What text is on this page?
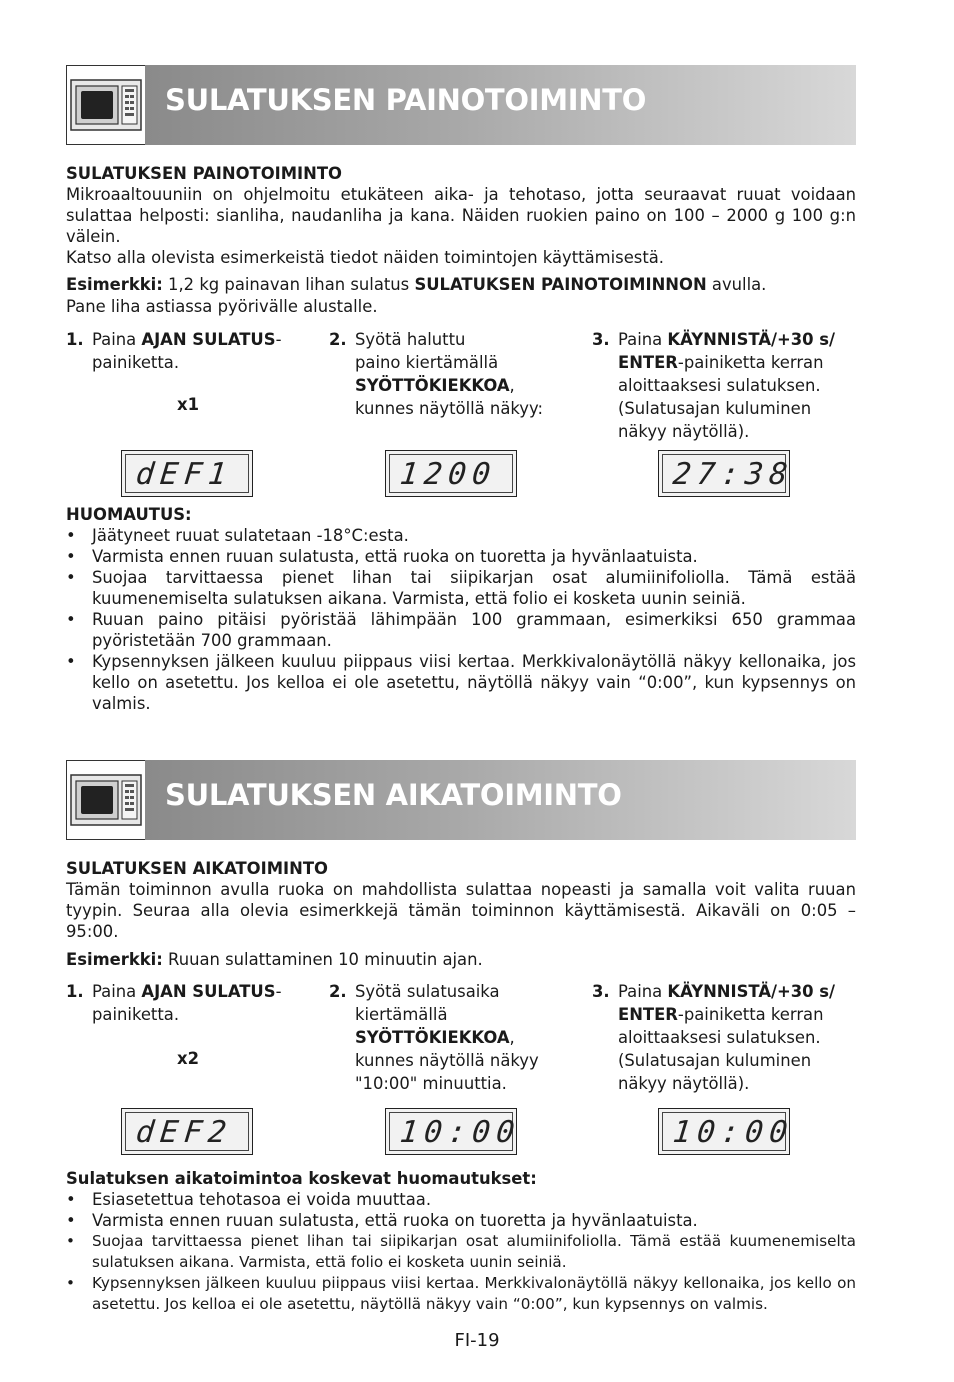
SULATUKSEN PAINOTOIMINTO
SULATUKSEN PAINOTOIMINTO
Mikroaaltouuniin on ohjelmoitu etukäteen aika- ja tehotaso, jotta seuraavat ruuat voidaan sulattaa helposti: sianliha, naudanliha ja kana. Näiden ruokien paino on 100 – 2000 g 100 g:n välein.
Katso alla olevista esimerkeistä tiedot näiden toimintojen käyttämisestä.
Esimerkki: 1,2 kg painavan lihan sulatus SULATUKSEN PAINOTOIMINNON avulla.
Pane liha astiassa pyörivälle alustalle.
1. Paina AJAN SULATUS-painiketta.
x1
2. Syötä haluttu
paino kiertämällä
SYÖTTÖKIEKKOA,
kunnes näytöllä näkyy:
3. Paina KÄYNNISTÄ/+30 s/
ENTER-painiketta kerran
aloittaaksesi sulatuksen.
(Sulatusajan kuluminen
näkyy näytöllä).
dEF1	1200	27:38
HUOMAUTUS:
• Jäätyneet ruuat sulatetaan -18°C:esta.
• Varmista ennen ruuan sulatusta, että ruoka on tuoretta ja hyvänlaatuista.
• Suojaa tarvittaessa pienet lihan tai siipikarjan osat alumiinifoliolla. Tämä estää kuumenemiselta sulatuksen aikana. Varmista, että folio ei kosketa uunin seiniä.
• Ruuan paino pitäisi pyöristää lähimpään 100 grammaan, esimerkiksi 650 grammaa pyöristetään 700 grammaan.
• Kypsennyksen jälkeen kuuluu piippaus viisi kertaa. Merkkivalonäytöllä näkyy kellonaika, jos kello on asetettu. Jos kelloa ei ole asetettu, näytöllä näkyy vain “0:00”, kun kypsennys on valmis.
SULATUKSEN AIKATOIMINTO
SULATUKSEN AIKATOIMINTO
Tämän toiminnon avulla ruoka on mahdollista sulattaa nopeasti ja samalla voit valita ruuan tyypin. Seuraa alla olevia esimerkkejä tämän toiminnon käyttämisestä. Aikaväli on 0:05 – 95:00.
Esimerkki: Ruuan sulattaminen 10 minuutin ajan.
1. Paina AJAN SULATUS-painiketta.
x2
2. Syötä sulatusaika
kiertämällä
SYÖTTÖKIEKKOA,
kunnes näytöllä näkyy
"10:00" minuuttia.
3. Paina KÄYNNISTÄ/+30 s/
ENTER-painiketta kerran
aloittaaksesi sulatuksen.
(Sulatusajan kuluminen
näkyy näytöllä).
dEF2	10:00	10:00
Sulatuksen aikatoimintoa koskevat huomautukset:
• Esiasetettua tehotasoa ei voida muuttaa.
• Varmista ennen ruuan sulatusta, että ruoka on tuoretta ja hyvänlaatuista.
• Suojaa tarvittaessa pienet lihan tai siipikarjan osat alumiinifoliolla. Tämä estää kuumenemiselta sulatuksen aikana. Varmista, että folio ei kosketa uunin seiniä.
• Kypsennyksen jälkeen kuuluu piippaus viisi kertaa. Merkkivalonäytöllä näkyy kellonaika, jos kello on asetettu. Jos kelloa ei ole asetettu, näytöllä näkyy vain “0:00”, kun kypsennys on valmis.
FI-19
